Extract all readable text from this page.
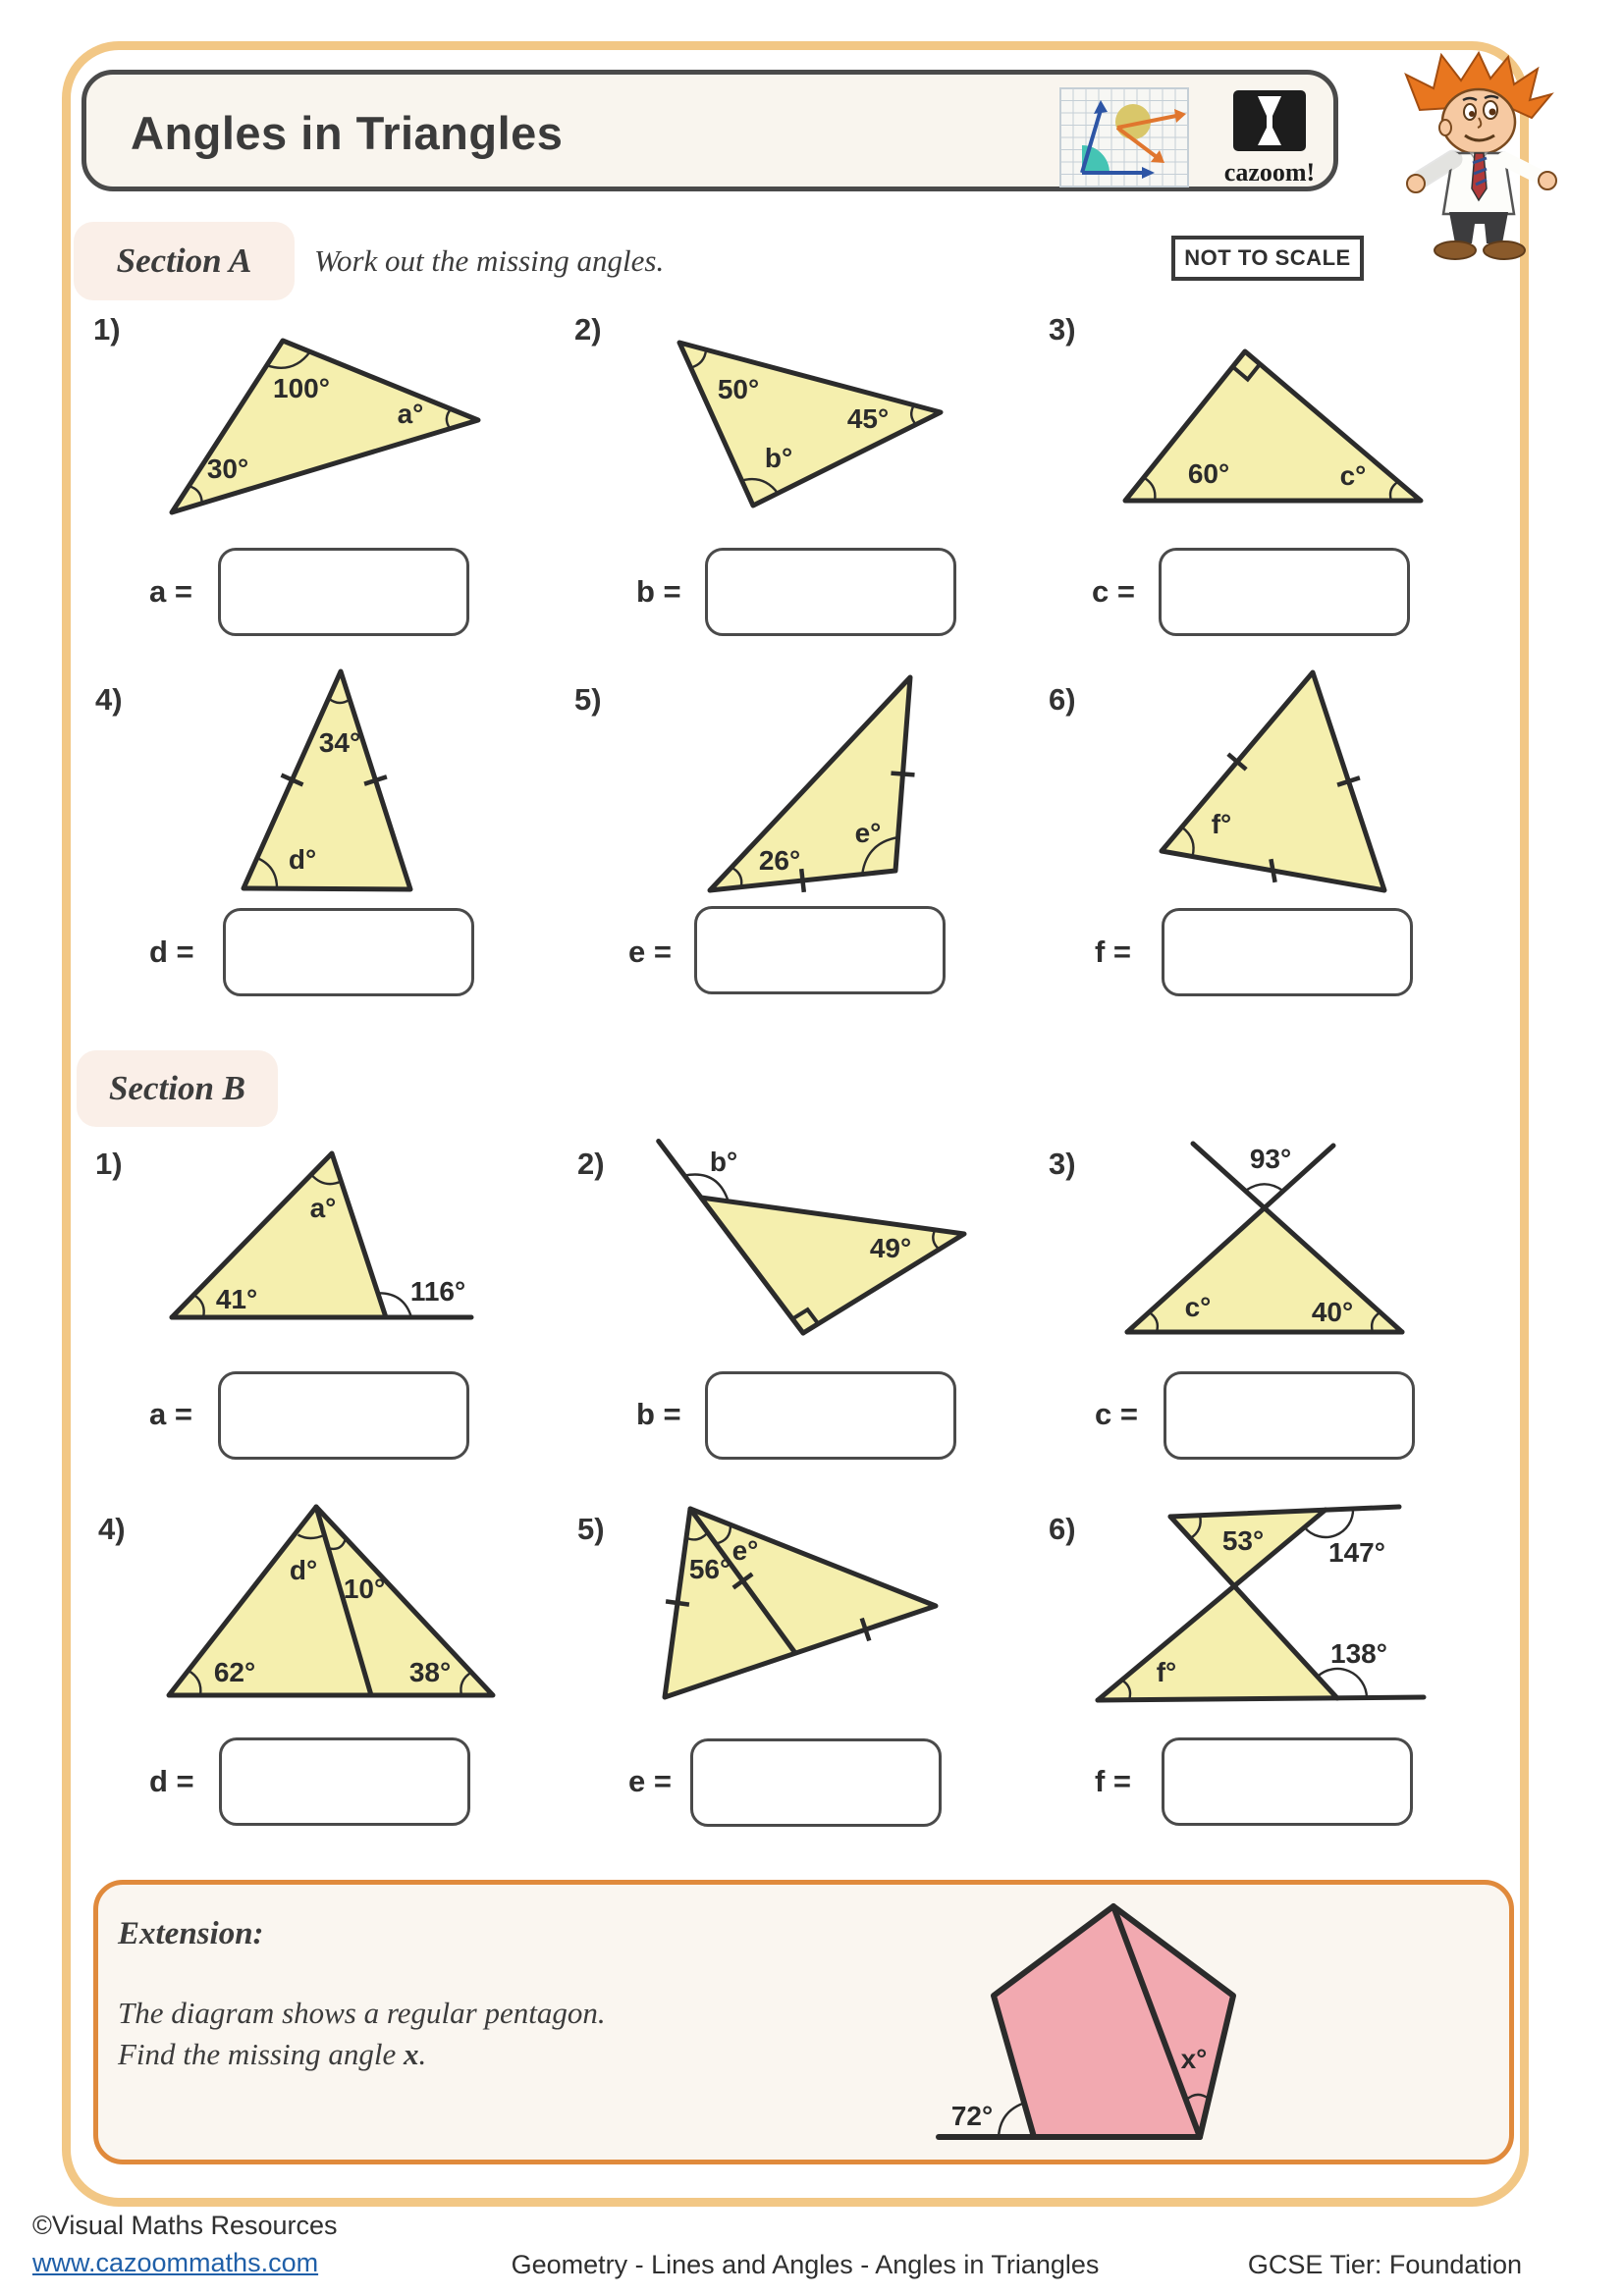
Angles in Triangles
cazoom!
NOT TO SCALE
Section A	Work out the missing angles.
1)
100°
30°
a°
2)
50°
45°
b°
3)
60°	c°
a =	b =	c =
4)
34°
d°
5)
26°
e°
6)
f°
d =	e =	f =
Section B
1)
a°
41°	116°
2)	b°
49°
3)	93°
c°	40°
a =	b =	c =
4)
d°
10°
62°	38°
5)
56°
e°
6)	53° 147°
f°
138°
d =	e =	f =
Extension:
The diagram shows a regular pentagon.
Find the missing angle x.
72°
x°
©Visual Maths Resources
www.cazoommaths.com	Geometry - Lines and Angles - Angles in Triangles	GCSE Tier: Foundation
